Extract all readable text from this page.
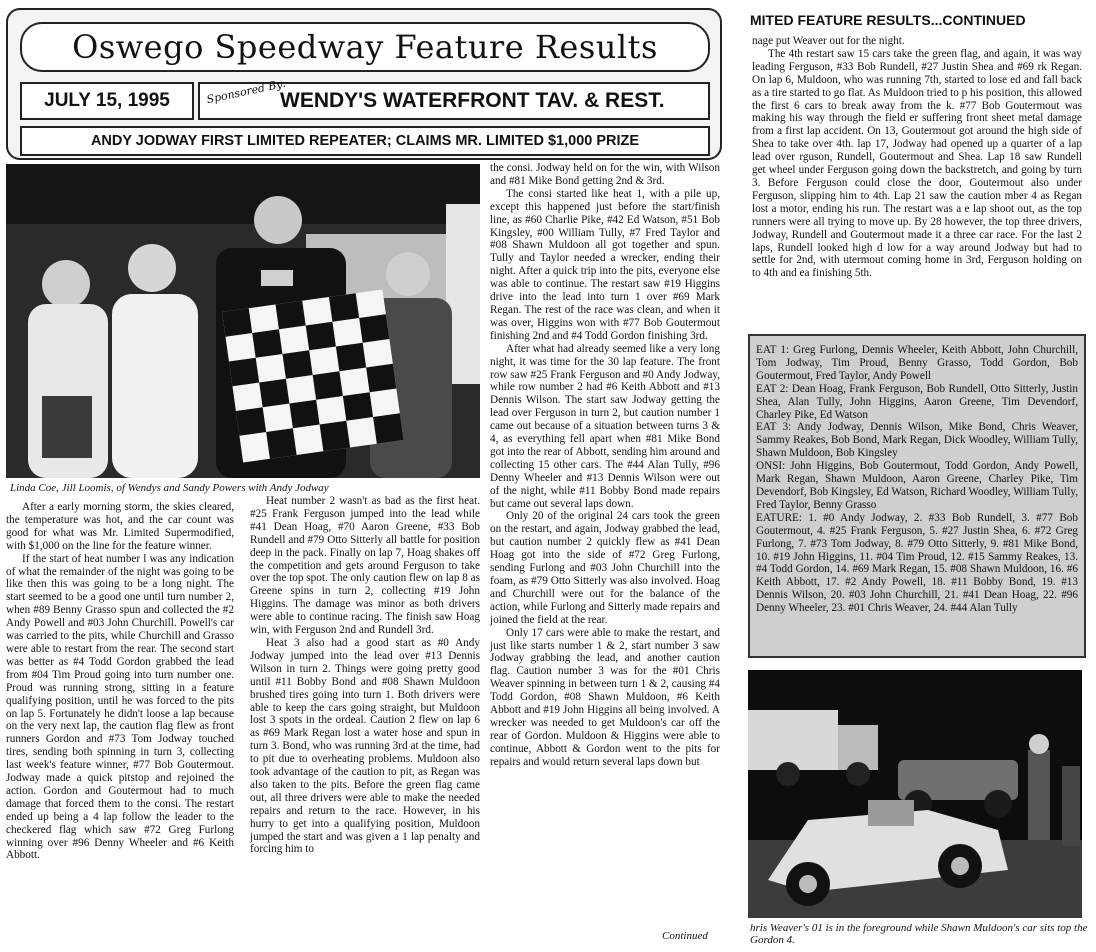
Oswego Speedway Feature Results
JULY 15, 1995	Sponsored By:
WENDY'S WATERFRONT TAV. & REST.
ANDY JODWAY FIRST LIMITED REPEATER; CLAIMS MR. LIMITED $1,000 PRIZE
Linda Coe, Jill Loomis, of Wendys and Sandy Powers with Andy Jodway

After a early morning storm, the skies cleared, the temperature was hot, and the car count was good for what was Mr. Limited Supermodified, with $1,000 on the line for the feature winner.

If the start of heat number l was any indication of what the remainder of the night was going to be like then this was going to be a long night. The start seemed to be a good one until turn number 2, when #89 Benny Grasso spun and collected the #2 Andy Powell and #03 John Churchill. Powell's car was carried to the pits, while Churchill and Grasso were able to restart from the rear. The second start was better as #4 Todd Gordon grabbed the lead from #04 Tim Proud going into turn number one. Proud was running strong, sitting in a feature qualifying position, until he was forced to the pits on lap 5. Fortunately he didn't loose a lap because on the very next lap, the caution flag flew as front runners Gordon and #73 Tom Jodway touched tires, sending both spinning in turn 3, collecting last week's feature winner, #77 Bob Goutermout. Jodway made a quick pitstop and rejoined the action. Gordon and Goutermout had to much damage that forced them to the consi. The restart ended up being a 4 lap follow the leader to the checkered flag which saw #72 Greg Furlong winning over #96 Denny Wheeler and #6 Keith Abbott.

Heat number 2 wasn't as bad as the first heat. #25 Frank Ferguson jumped into the lead while #41 Dean Hoag, #70 Aaron Greene, #33 Bob Rundell and #79 Otto Sitterly all battle for position deep in the pack. Finally on lap 7, Hoag shakes off the competition and gets around Ferguson to take over the top spot. The only caution flew on lap 8 as Greene spins in turn 2, collecting #19 John Higgins. The damage was minor as both drivers were able to continue racing. The finish saw Hoag win, with Ferguson 2nd and Rundell 3rd.

Heat 3 also had a good start as #0 Andy Jodway jumped into the lead over #13 Dennis Wilson in turn 2. Things were going pretty good until #11 Bobby Bond and #08 Shawn Muldoon brushed tires going into turn 1. Both drivers were able to keep the cars going straight, but Muldoon lost 3 spots in the ordeal. Caution 2 flew on lap 6 as #69 Mark Regan lost a water hose and spun in turn 3. Bond, who was running 3rd at the time, had to pit due to overheating problems. Muldoon also took advantage of the caution to pit, as Regan was also taken to the pits. Before the green flag came out, all three drivers were able to make the needed repairs and return to the race. However, in his hurry to get into a qualifying position, Muldoon jumped the start and was given a 1 lap penalty and forcing him to

the consi. Jodway held on for the win, with Wilson and #81 Mike Bond getting 2nd & 3rd.

The consi started like heat 1, with a pile up, except this happened just before the start/finish line, as #60 Charlie Pike, #42 Ed Watson, #51 Bob Kingsley, #00 William Tully, #7 Fred Taylor and #08 Shawn Muldoon all got together and spun. Tully and Taylor needed a wrecker, ending their night. After a quick trip into the pits, everyone else was able to continue. The restart saw #19 Higgins drive into the lead into turn 1 over #69 Mark Regan. The rest of the race was clean, and when it was over, Higgins won with #77 Bob Goutermout finishing 2nd and #4 Todd Gordon finishing 3rd.

After what had already seemed like a very long night, it was time for the 30 lap feature. The front row saw #25 Frank Ferguson and #0 Andy Jodway, while row number 2 had #6 Keith Abbott and #13 Dennis Wilson. The start saw Jodway getting the lead over Ferguson in turn 2, but caution number 1 came out because of a situation between turns 3 & 4, as everything fell apart when #81 Mike Bond got into the rear of Abbott, sending him around and collecting 15 other cars. The #44 Alan Tully, #96 Denny Wheeler and #13 Dennis Wilson were out of the night, while #11 Bobby Bond made repairs but came out several laps down.

Only 20 of the original 24 cars took the green on the restart, and again, Jodway grabbed the lead, but caution number 2 quickly flew as #41 Dean Hoag got into the side of #72 Greg Furlong, sending Furlong and #03 John Churchill into the foam, as #79 Otto Sitterly was also involved. Hoag and Churchill were out for the balance of the action, while Furlong and Sitterly made repairs and joined the field at the rear.

Only 17 cars were able to make the restart, and just like starts number 1 & 2, start number 3 saw Jodway grabbing the lead, and another caution flag. Caution number 3 was for the #01 Chris Weaver spinning in between turn 1 & 2, causing #4 Todd Gordon, #08 Shawn Muldoon, #6 Keith Abbott and #19 John Higgins all being involved. A wrecker was needed to get Muldoon's car off the rear of Gordon. Muldoon & Higgins were able to continue, Abbott & Gordon went to the pits for repairs and would return several laps down but

Continued
MITED FEATURE RESULTS...CONTINUED

nage put Weaver out for the night.

The 4th restart saw 15 cars take the green flag, and again, it was way leading Ferguson, #33 Bob Rundell, #27 Justin Shea and #69 rk Regan. On lap 6, Muldoon, who was running 7th, started to lose ed and fall back as a tire started to go flat. As Muldoon tried to p his position, this allowed the first 6 cars to break away from the k. #77 Bob Goutermout was making his way through the field er suffering front sheet metal damage from a first lap accident. On 13, Goutermout got around the high side of Shea to take over 4th. lap 17, Jodway had opened up a quarter of a lap lead over rguson, Rundell, Goutermout and Shea. Lap 18 saw Rundell get wheel under Ferguson going down the backstretch, and going by turn 3. Before Ferguson could close the door, Goutermout also under Ferguson, slipping him to 4th. Lap 21 saw the caution mber 4 as Regan lost a motor, ending his run. The restart was a e lap shoot out, as the top runners were all trying to move up. By 28 however, the top three drivers, Jodway, Rundell and Goutermout made it a three car race. For the last 2 laps, Rundell looked high d low for a way around Jodway but had to settle for 2nd, with utermout coming home in 3rd, Ferguson holding on to 4th and ea finishing 5th.

EAT 1: Greg Furlong, Dennis Wheeler, Keith Abbott, John Churchill, Tom Jodway, Tim Proud, Benny Grasso, Todd Gordon, Bob Goutermout, Fred Taylor, Andy Powell

EAT 2: Dean Hoag, Frank Ferguson, Bob Rundell, Otto Sitterly, Justin Shea, Alan Tully, John Higgins, Aaron Greene, Tim Devendorf, Charley Pike, Ed Watson

EAT 3: Andy Jodway, Dennis Wilson, Mike Bond, Chris Weaver, Sammy Reakes, Bob Bond, Mark Regan, Dick Woodley, William Tully, Shawn Muldoon, Bob Kingsley

ONSI: John Higgins, Bob Goutermout, Todd Gordon, Andy Powell, Mark Regan, Shawn Muldoon, Aaron Greene, Charley Pike, Tim Devendorf, Bob Kingsley, Ed Watson, Richard Woodley, William Tully, Fred Taylor, Benny Grasso

EATURE: 1. #0 Andy Jodway, 2. #33 Bob Rundell, 3. #77 Bob Goutermout, 4. #25 Frank Ferguson, 5. #27 Justin Shea, 6. #72 Greg Furlong, 7. #73 Tom Jodway, 8. #79 Otto Sitterly, 9. #81 Mike Bond, 10. #19 John Higgins, 11. #04 Tim Proud, 12. #15 Sammy Reakes, 13. #4 Todd Gordon, 14. #69 Mark Regan, 15. #08 Shawn Muldoon, 16. #6 Keith Abbott, 17. #2 Andy Powell, 18. #11 Bobby Bond, 19. #13 Dennis Wilson, 20. #03 John Churchill, 21. #41 Dean Hoag, 22. #96 Denny Wheeler, 23. #01 Chris Weaver, 24. #44 Alan Tully

hris Weaver's 01 is in the foreground while Shawn Muldoon's car sits top the Gordon 4.
